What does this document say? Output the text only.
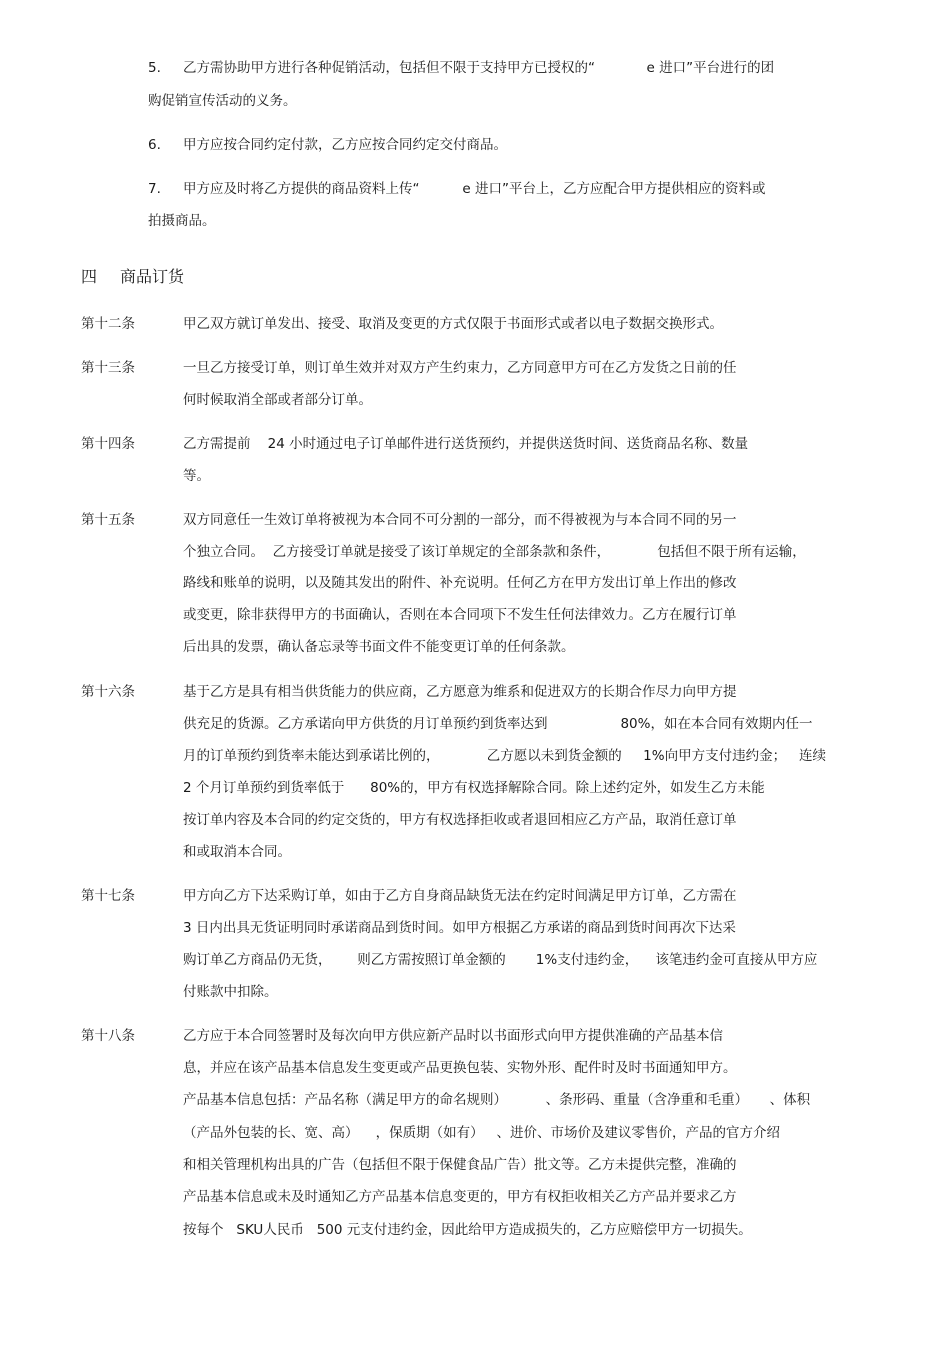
5. 乙方需协助甲方进行各种促销活动，包括但不限于支持甲方已授权的“            e 进口”平台进行的团
购促销宣传活动的义务。
6. 甲方应按合同约定付款，乙方应按合同约定交付商品。
7. 甲方应及时将乙方提供的商品资料上传“          e 进口”平台上，乙方应配合甲方提供相应的资料或
拍摄商品。
四 商品订货
第十二条	甲乙双方就订单发出、接受、取消及变更的方式仅限于书面形式或者以电子数据交换形式。
第十三条	一旦乙方接受订单，则订单生效并对双方产生约束力，乙方同意甲方可在乙方发货之日前的任
何时候取消全部或者部分订单。
第十四条	乙方需提前    24 小时通过电子订单邮件进行送货预约，并提供送货时间、送货商品名称、数量
等。
第十五条	双方同意任一生效订单将被视为本合同不可分割的一部分，而不得被视为与本合同不同的另一
个独立合同。  乙方接受订单就是接受了该订单规定的全部条款和条件，           包括但不限于所有运输，
路线和账单的说明，以及随其发出的附件、补充说明。任何乙方在甲方发出订单上作出的修改
或变更，除非获得甲方的书面确认，否则在本合同项下不发生任何法律效力。乙方在履行订单
后出具的发票，确认备忘录等书面文件不能变更订单的任何条款。
第十六条	基于乙方是具有相当供货能力的供应商，乙方愿意为维系和促进双方的长期合作尽力向甲方提
供充足的货源。乙方承诺向甲方供货的月订单预约到货率达到                 80%，如在本合同有效期内任一
月的订单预约到货率未能达到承诺比例的，           乙方愿以未到货金额的     1%向甲方支付违约金；   连续
2 个月订单预约到货率低于      80%的，甲方有权选择解除合同。除上述约定外，如发生乙方未能
按订单内容及本合同的约定交货的，甲方有权选择拒收或者退回相应乙方产品，取消任意订单
和或取消本合同。
第十七条	甲方向乙方下达采购订单，如由于乙方自身商品缺货无法在约定时间满足甲方订单，乙方需在
3 日内出具无货证明同时承诺商品到货时间。如甲方根据乙方承诺的商品到货时间再次下达采
购订单乙方商品仍无货，      则乙方需按照订单金额的       1%支付违约金，    该笔违约金可直接从甲方应
付账款中扣除。
第十八条	乙方应于本合同签署时及每次向甲方供应新产品时以书面形式向甲方提供准确的产品基本信
息，并应在该产品基本信息发生变更或产品更换包装、实物外形、配件时及时书面通知甲方。
产品基本信息包括：产品名称（满足甲方的命名规则）         、条形码、重量（含净重和毛重）     、体积
（产品外包装的长、宽、高）    ，保质期（如有）   、进价、市场价及建议零售价，产品的官方介绍
和相关管理机构出具的广告（包括但不限于保健食品广告）批文等。乙方未提供完整，准确的
产品基本信息或未及时通知乙方产品基本信息变更的，甲方有权拒收相关乙方产品并要求乙方
按每个   SKU人民币   500 元支付违约金，因此给甲方造成损失的，乙方应赔偿甲方一切损失。
